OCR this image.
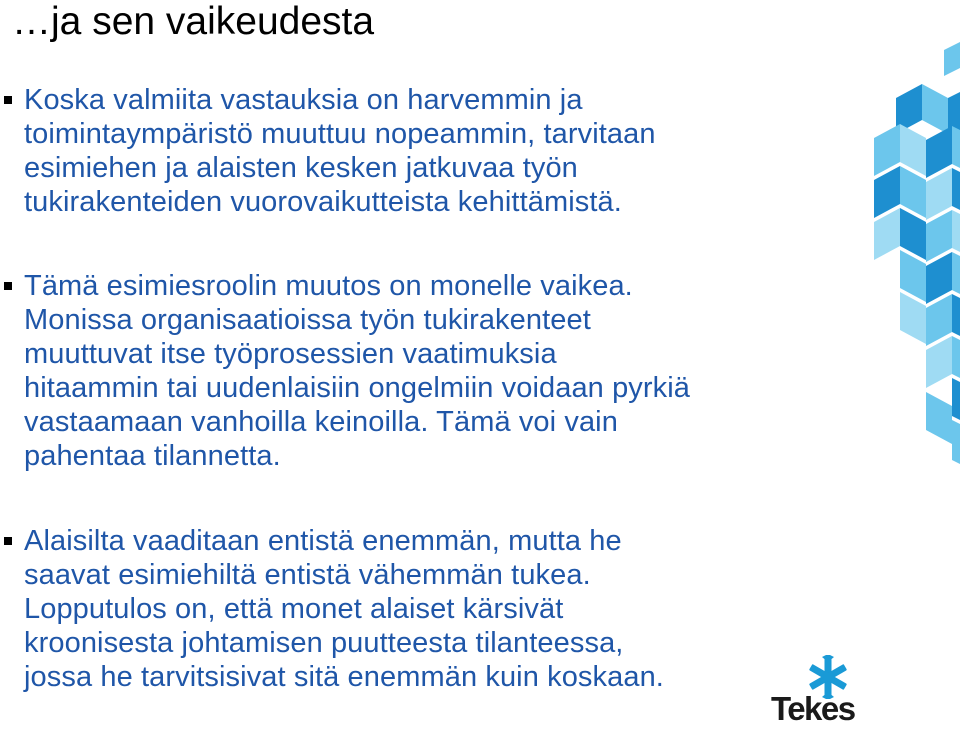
…ja sen vaikeudesta
Koska valmiita vastauksia on harvemmin ja
toimintaympäristö muuttuu nopeammin, tarvitaan
esimiehen ja alaisten kesken jatkuvaa työn
tukirakenteiden vuorovaikutteista kehittämistä.
Tämä esimiesroolin muutos on monelle vaikea.
Monissa organisaatioissa työn tukirakenteet
muuttuvat itse työprosessien vaatimuksia
hitaammin tai uudenlaisiin ongelmiin voidaan pyrkiä
vastaamaan vanhoilla keinoilla. Tämä voi vain
pahentaa tilannetta.
Alaisilta vaaditaan entistä enemmän, mutta he
saavat esimiehiltä entistä vähemmän tukea.
Lopputulos on, että monet alaiset kärsivät
kroonisesta johtamisen puutteesta tilanteessa,
jossa he tarvitsisivat sitä enemmän kuin koskaan.
Tekes
